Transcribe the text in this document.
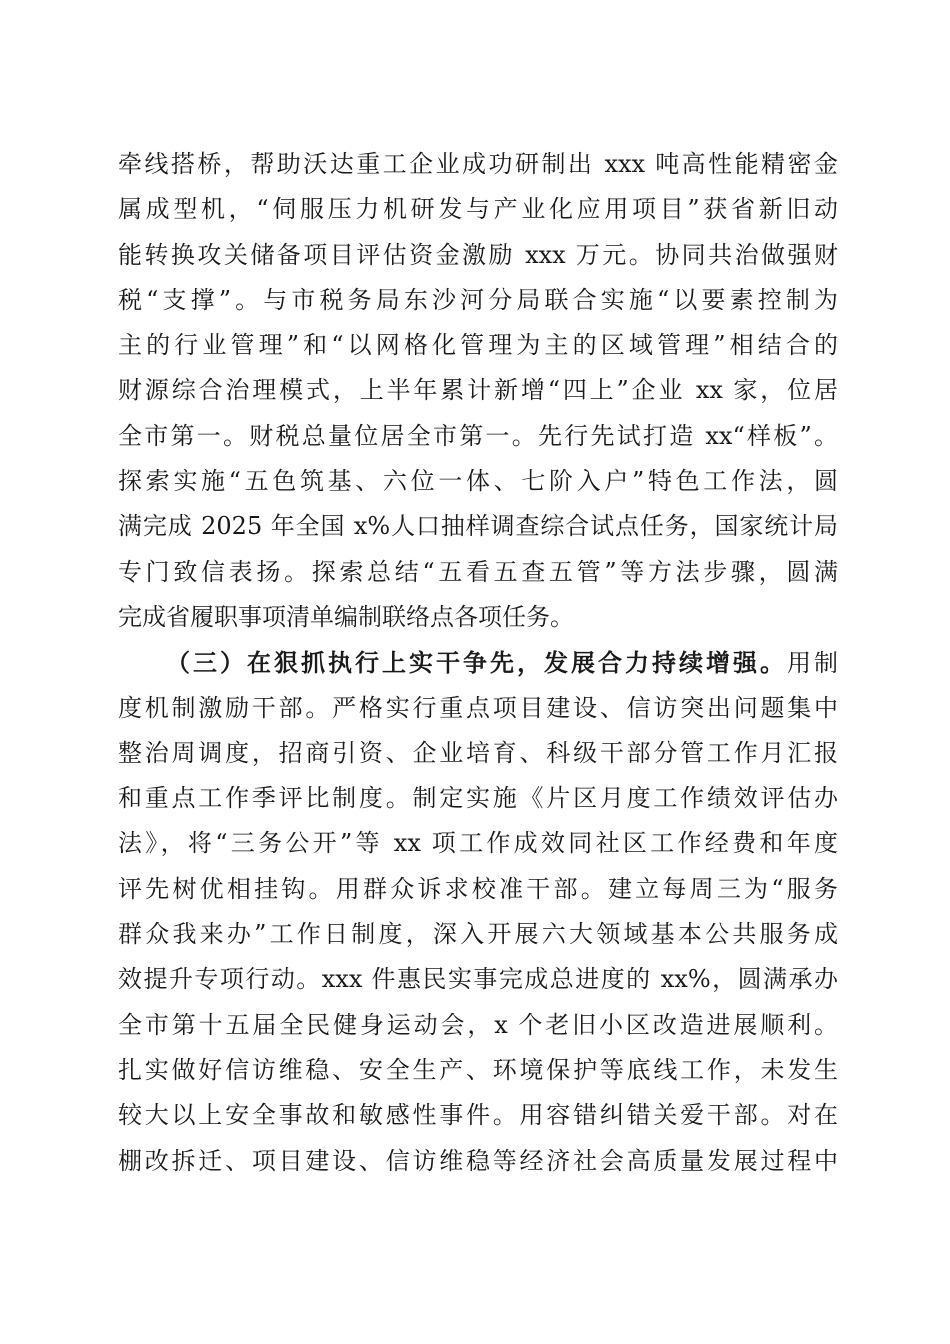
牵线搭桥，帮助沃达重工企业成功研制出 xxx 吨高性能精密金
属成型机，“伺服压力机研发与产业化应用项目”获省新旧动
能转换攻关储备项目评估资金激励 xxx 万元。协同共治做强财
税“支撑”。与市税务局东沙河分局联合实施“以要素控制为
主的行业管理”和“以网格化管理为主的区域管理”相结合的
财源综合治理模式，上半年累计新增“四上”企业 xx 家，位居
全市第一。财税总量位居全市第一。先行先试打造 xx“样板”。
探索实施“五色筑基、六位一体、七阶入户”特色工作法，圆
满完成 2025 年全国 x%人口抽样调查综合试点任务，国家统计局
专门致信表扬。探索总结“五看五查五管”等方法步骤，圆满
完成省履职事项清单编制联络点各项任务。
（三）在狠抓执行上实干争先，发展合力持续增强。用制
度机制激励干部。严格实行重点项目建设、信访突出问题集中
整治周调度，招商引资、企业培育、科级干部分管工作月汇报
和重点工作季评比制度。制定实施《片区月度工作绩效评估办
法》，将“三务公开”等 xx 项工作成效同社区工作经费和年度
评先树优相挂钩。用群众诉求校准干部。建立每周三为“服务
群众我来办”工作日制度，深入开展六大领域基本公共服务成
效提升专项行动。xxx 件惠民实事完成总进度的 xx%，圆满承办
全市第十五届全民健身运动会，x 个老旧小区改造进展顺利。
扎实做好信访维稳、安全生产、环境保护等底线工作，未发生
较大以上安全事故和敏感性事件。用容错纠错关爱干部。对在
棚改拆迁、项目建设、信访维稳等经济社会高质量发展过程中
